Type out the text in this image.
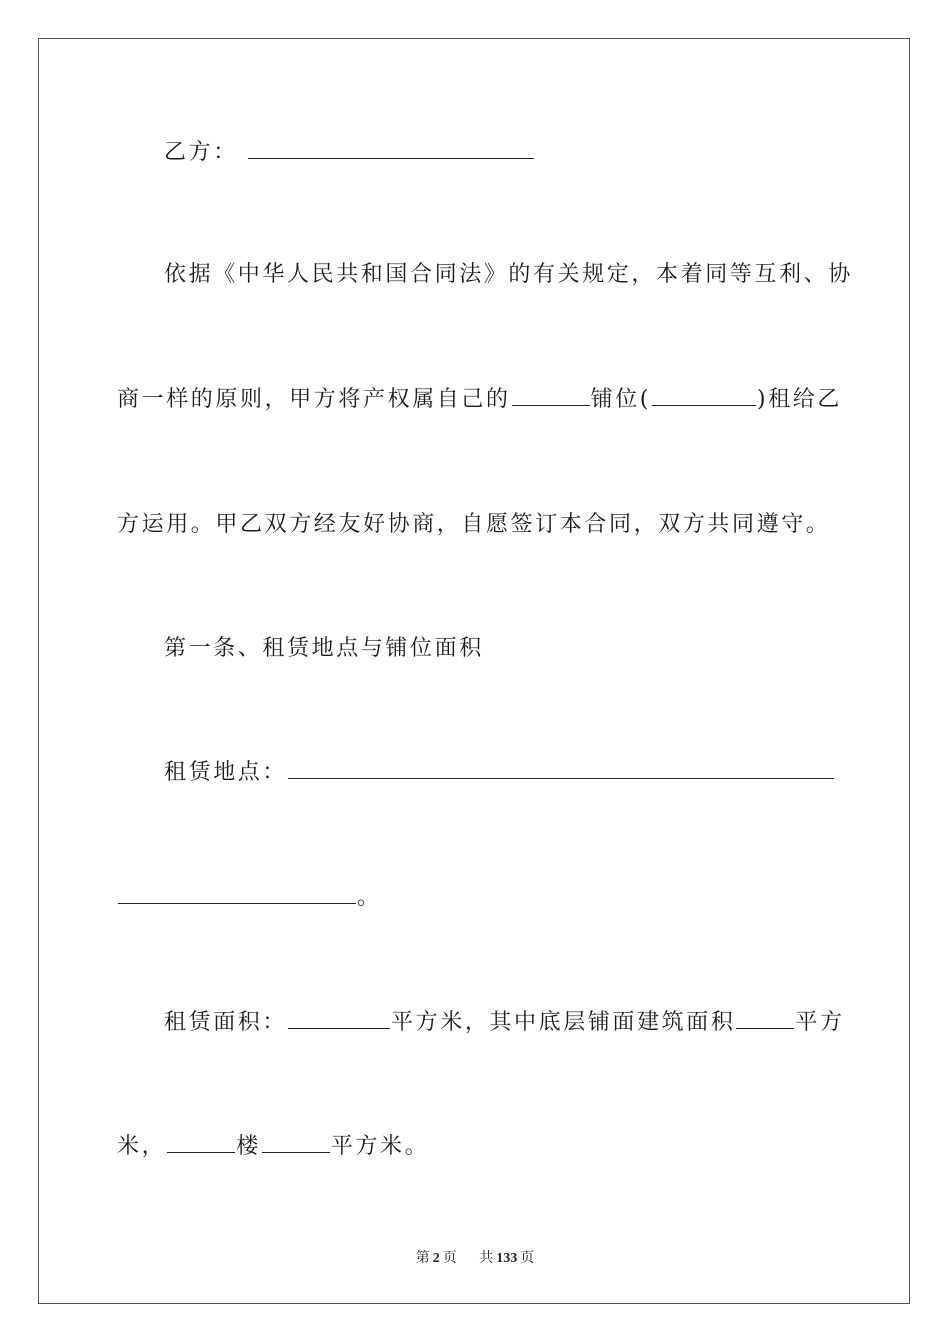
乙方：
依据《中华人民共和国合同法》的有关规定，本着同等互利、协
商一样的原则，甲方将产权属自己的	铺位(	)租给乙
方运用。甲乙双方经友好协商，自愿签订本合同，双方共同遵守。
第一条、租赁地点与铺位面积
租赁地点：
。
租赁面积：	平方米，其中底层铺面建筑面积	平方
米，	楼	平方米。
第 2 页 共 133 页
